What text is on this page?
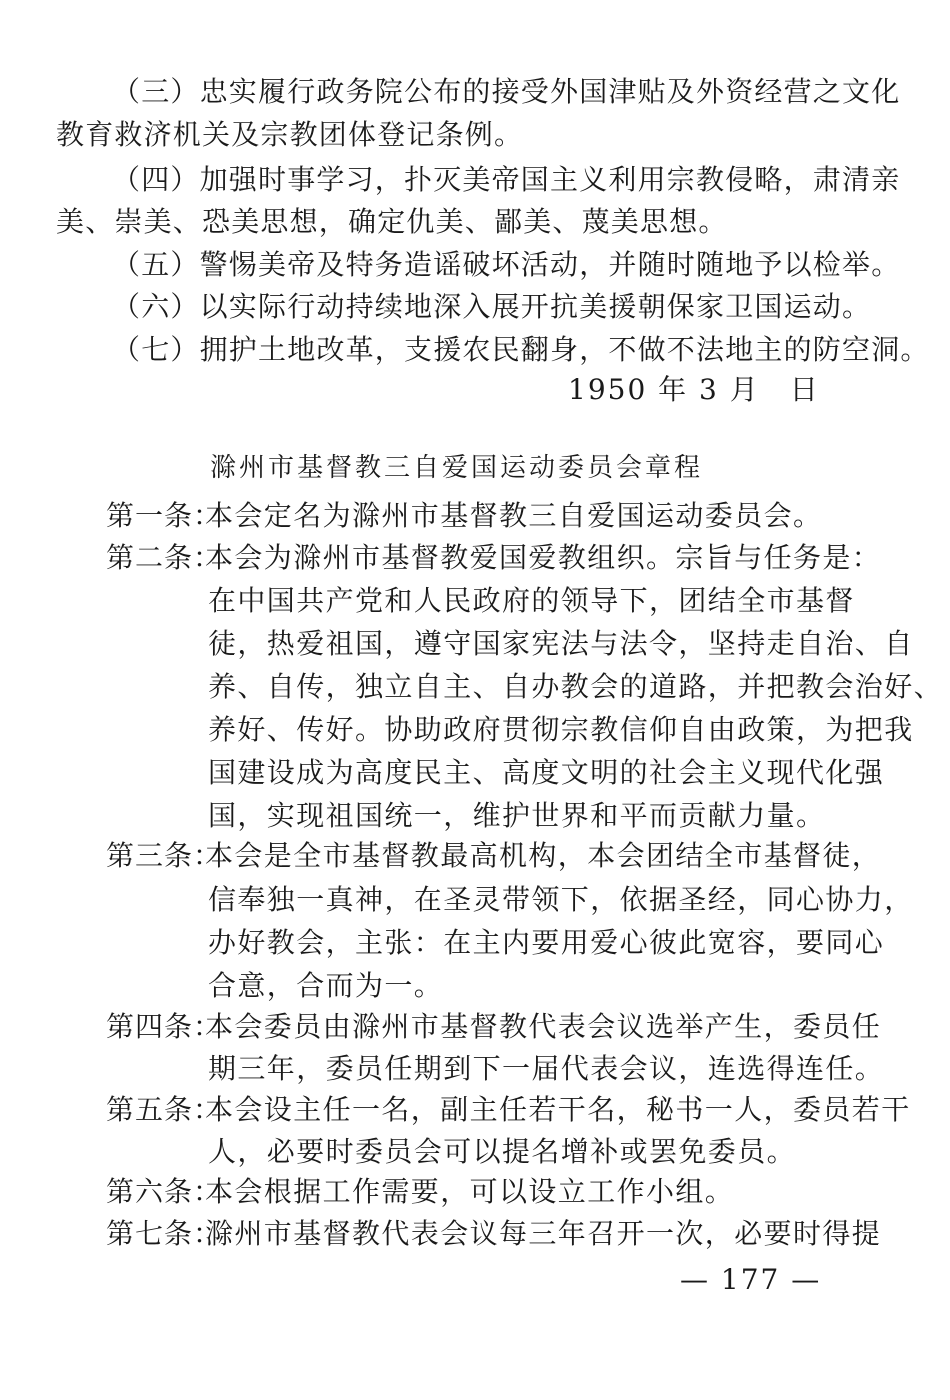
（三）忠实履行政务院公布的接受外国津贴及外资经营之文化
教育救济机关及宗教团体登记条例。
（四）加强时事学习，扑灭美帝国主义利用宗教侵略，肃清亲
美、崇美、恐美思想，确定仇美、鄙美、蔑美思想。
（五）警惕美帝及特务造谣破坏活动，并随时随地予以检举。
（六）以实际行动持续地深入展开抗美援朝保家卫国运动。
（七）拥护土地改革，支援农民翻身，不做不法地主的防空洞。
1950 年 3 月　日
滁州市基督教三自爱国运动委员会章程
第一条：
本会定名为滁州市基督教三自爱国运动委员会。
第二条：
本会为滁州市基督教爱国爱教组织。宗旨与任务是：
在中国共产党和人民政府的领导下，团结全市基督
徒，热爱祖国，遵守国家宪法与法令，坚持走自治、自
养、自传，独立自主、自办教会的道路，并把教会治好、
养好、传好。协助政府贯彻宗教信仰自由政策，为把我
国建设成为高度民主、高度文明的社会主义现代化强
国，实现祖国统一，维护世界和平而贡献力量。
第三条：
本会是全市基督教最高机构，本会团结全市基督徒，
信奉独一真神，在圣灵带领下，依据圣经，同心协力，
办好教会，主张：在主内要用爱心彼此宽容，要同心
合意，合而为一。
第四条：
本会委员由滁州市基督教代表会议选举产生，委员任
期三年，委员任期到下一届代表会议，连选得连任。
第五条：
本会设主任一名，副主任若干名，秘书一人，委员若干
人，必要时委员会可以提名增补或罢免委员。
第六条：
本会根据工作需要，可以设立工作小组。
第七条：
滁州市基督教代表会议每三年召开一次，必要时得提
— 177 —
